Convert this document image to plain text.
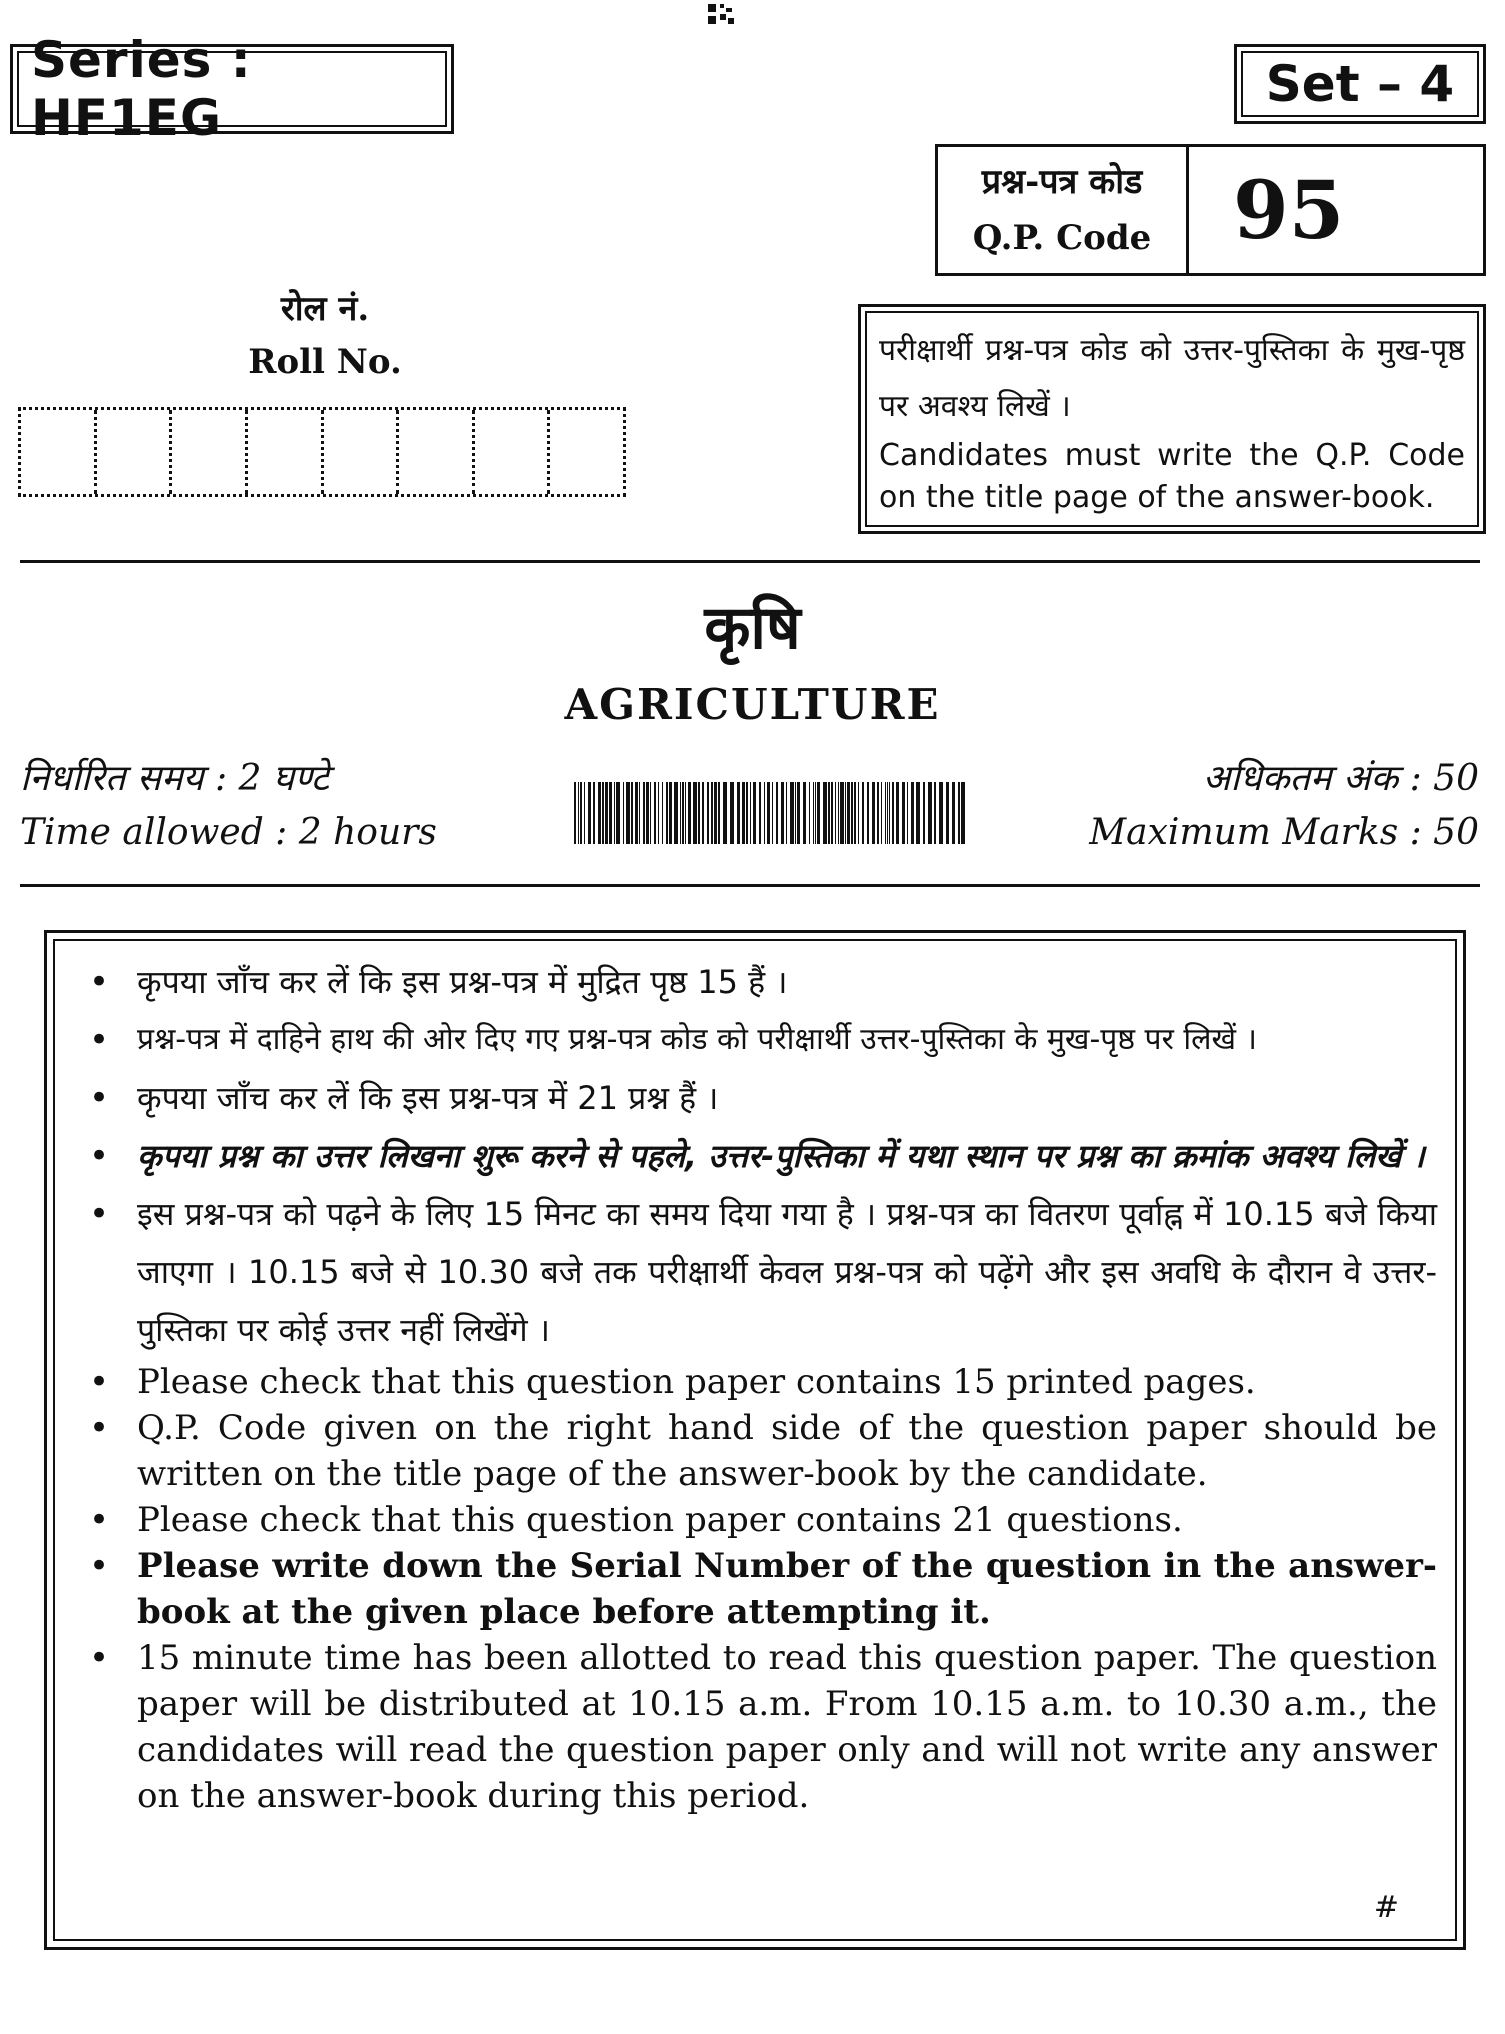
Series : HF1EG
Set – 4
प्रश्न-पत्र कोड
Q.P. Code	95
रोल नं.
Roll No.	परीक्षार्थी प्रश्न-पत्र कोड को उत्तर-पुस्तिका के मुख-पृष्ठ पर अवश्य लिखें ।
Candidates must write the Q.P. Code on the title page of the answer-book.
कृषि
AGRICULTURE
निर्धारित समय : 2 घण्टे
Time allowed : 2 hours
अधिकतम अंक : 50
Maximum Marks : 50
• कृपया जाँच कर लें कि इस प्रश्न-पत्र में मुद्रित पृष्ठ 15 हैं ।
• प्रश्न-पत्र में दाहिने हाथ की ओर दिए गए प्रश्न-पत्र कोड को परीक्षार्थी उत्तर-पुस्तिका के मुख-पृष्ठ पर लिखें ।
• कृपया जाँच कर लें कि इस प्रश्न-पत्र में 21 प्रश्न हैं ।
• कृपया प्रश्न का उत्तर लिखना शुरू करने से पहले, उत्तर-पुस्तिका में यथा स्थान पर प्रश्न का क्रमांक अवश्य लिखें ।
• इस प्रश्न-पत्र को पढ़ने के लिए 15 मिनट का समय दिया गया है । प्रश्न-पत्र का वितरण पूर्वाह्न में 10.15 बजे किया जाएगा । 10.15 बजे से 10.30 बजे तक परीक्षार्थी केवल प्रश्न-पत्र को पढ़ेंगे और इस अवधि के दौरान वे उत्तर-पुस्तिका पर कोई उत्तर नहीं लिखेंगे ।
• Please check that this question paper contains 15 printed pages.
• Q.P. Code given on the right hand side of the question paper should be written on the title page of the answer-book by the candidate.
• Please check that this question paper contains 21 questions.
• Please write down the Serial Number of the question in the answer-book at the given place before attempting it.
• 15 minute time has been allotted to read this question paper. The question paper will be distributed at 10.15 a.m. From 10.15 a.m. to 10.30 a.m., the candidates will read the question paper only and will not write any answer on the answer-book during this period.
#
